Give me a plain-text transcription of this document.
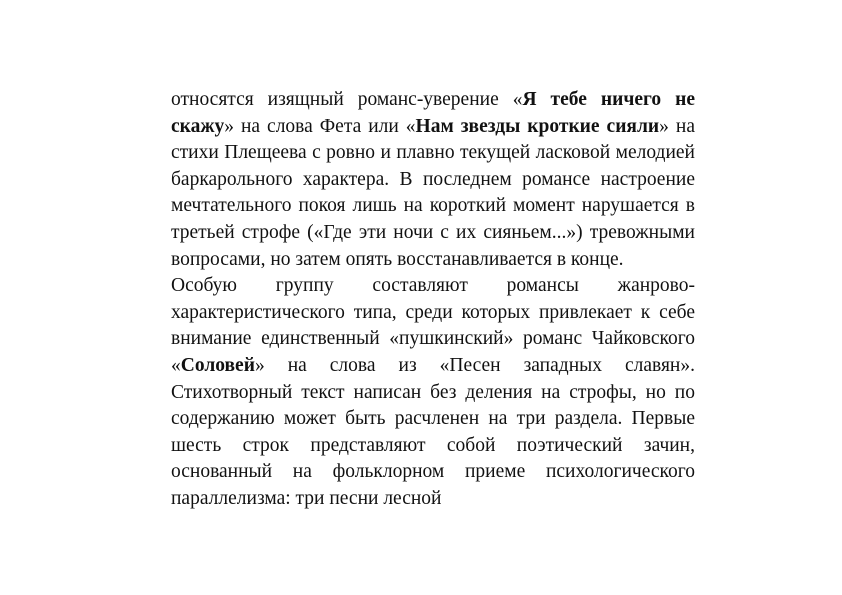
относятся изящный романс-уверение «Я тебе ничего не скажу» на слова Фета или «Нам звезды кроткие сияли» на стихи Плещеева с ровно и плавно текущей ласковой мелодией баркарольного характера. В последнем романсе настроение мечтательного покоя лишь на короткий момент нарушается в третьей строфе («Где эти ночи с их сияньем...») тревожными вопросами, но затем опять восстанавливается в конце.

Особую группу составляют романсы жанрово-характеристического типа, среди которых привлекает к себе внимание единственный «пушкинский» романс Чайковского «Соловей» на слова из «Песен западных славян». Стихотворный текст написан без деления на строфы, но по содержанию может быть расчленен на три раздела. Первые шесть строк представляют собой поэтический зачин, основанный на фольклорном приеме психологического параллелизма: три песни лесной
